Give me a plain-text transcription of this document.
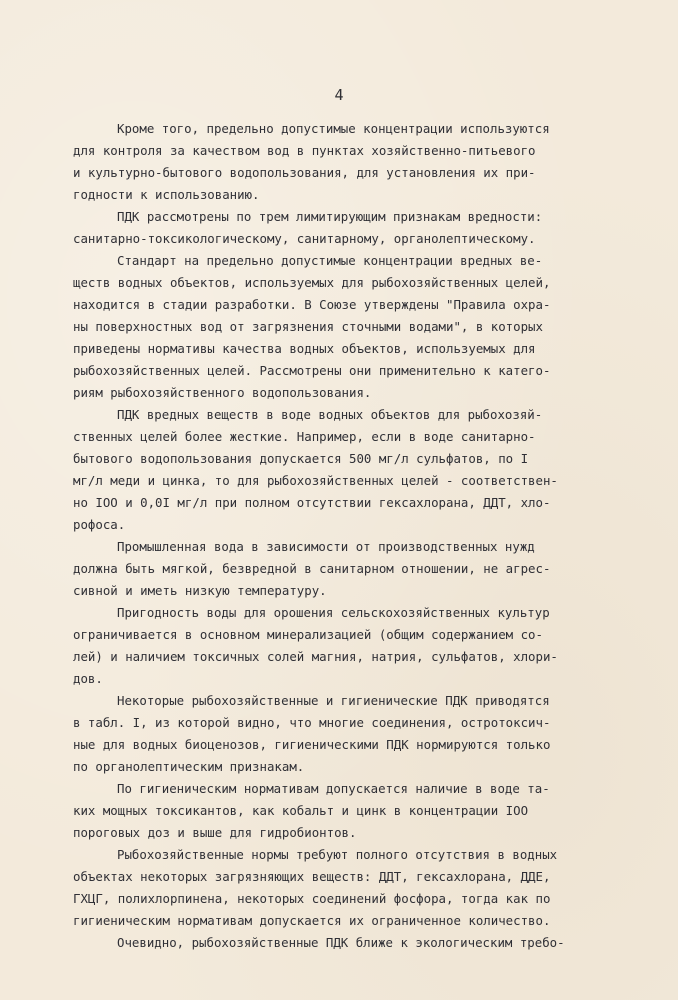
4
Кроме того, предельно допустимые концентрации используются
для контроля за качеством вод в пунктах хозяйственно-питьевого
и культурно-бытового водопользования, для установления их при-
годности к использованию.
ПДК рассмотрены по трем лимитирующим признакам вредности:
санитарно-токсикологическому, санитарному, органолептическому.
Стандарт на предельно допустимые концентрации вредных ве-
ществ водных объектов, используемых для рыбохозяйственных целей,
находится в стадии разработки. В Союзе утверждены "Правила охра-
ны поверхностных вод от загрязнения сточными водами", в которых
приведены нормативы качества водных объектов, используемых для
рыбохозяйственных целей. Рассмотрены они применительно к катего-
риям рыбохозяйственного водопользования.
ПДК вредных веществ в воде водных объектов для рыбохозяй-
ственных целей более жесткие. Например, если в воде санитарно-
бытового водопользования допускается 500 мг/л сульфатов, по I
мг/л меди и цинка, то для рыбохозяйственных целей - соответствен-
но IOO и 0,0I мг/л при полном отсутствии гексахлорана, ДДТ, хло-
рофоса.
Промышленная вода в зависимости от производственных нужд
должна быть мягкой, безвредной в санитарном отношении, не агрес-
сивной и иметь низкую температуру.
Пригодность воды для орошения сельскохозяйственных культур
ограничивается в основном минерализацией (общим содержанием со-
лей) и наличием токсичных солей магния, натрия, сульфатов, хлори-
дов.
Некоторые рыбохозяйственные и гигиенические ПДК приводятся
в табл. I, из которой видно, что многие соединения, остротоксич-
ные для водных биоценозов, гигиеническими ПДК нормируются только
по органолептическим признакам.
По гигиеническим нормативам допускается наличие в воде та-
ких мощных токсикантов, как кобальт и цинк в концентрации IOO
пороговых доз и выше для гидробионтов.
Рыбохозяйственные нормы требуют полного отсутствия в водных
объектах некоторых загрязняющих веществ: ДДТ, гексахлорана, ДДЕ,
ГХЦГ, полихлорпинена, некоторых соединений фосфора, тогда как по
гигиеническим нормативам допускается их ограниченное количество.
Очевидно, рыбохозяйственные ПДК ближе к экологическим требо-
